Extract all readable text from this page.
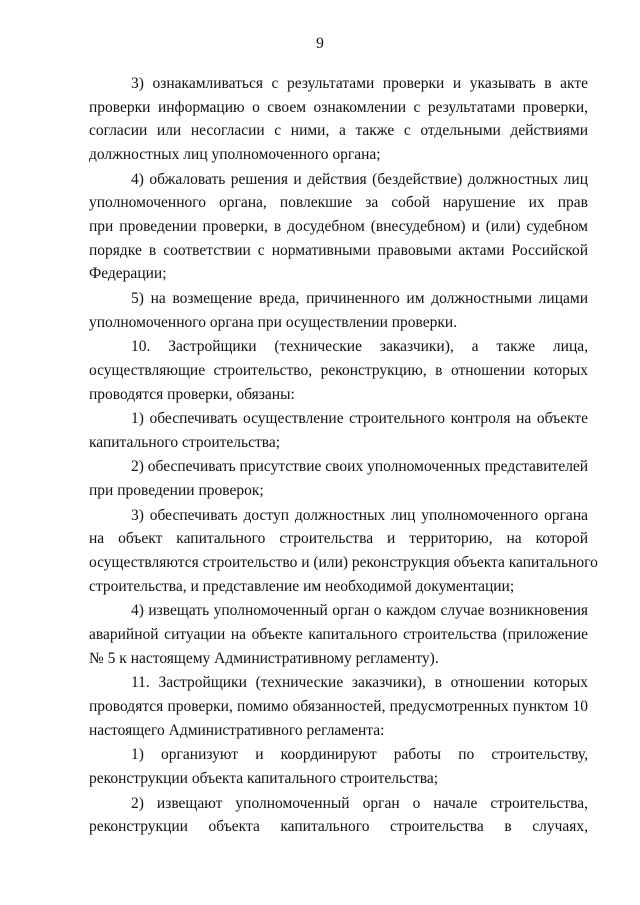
9
3) ознакамливаться с результатами проверки и указывать в акте
проверки информацию о своем ознакомлении с результатами проверки,
согласии или несогласии с ними, а также с отдельными действиями
должностных лиц уполномоченного органа;
4) обжаловать решения и действия (бездействие) должностных лиц
уполномоченного органа, повлекшие за собой нарушение их прав
при проведении проверки, в досудебном (внесудебном) и (или) судебном
порядке в соответствии с нормативными правовыми актами Российской
Федерации;
5) на возмещение вреда, причиненного им должностными лицами
уполномоченного органа при осуществлении проверки.
10. Застройщики (технические заказчики), а также лица,
осуществляющие строительство, реконструкцию, в отношении которых
проводятся проверки, обязаны:
1) обеспечивать осуществление строительного контроля на объекте
капитального строительства;
2) обеспечивать присутствие своих уполномоченных представителей
при проведении проверок;
3) обеспечивать доступ должностных лиц уполномоченного органа
на объект капитального строительства и территорию, на которой
осуществляются строительство и (или) реконструкция объекта капитального
строительства, и представление им необходимой документации;
4) извещать уполномоченный орган о каждом случае возникновения
аварийной ситуации на объекте капитального строительства (приложение
№ 5 к настоящему Административному регламенту).
11. Застройщики (технические заказчики), в отношении которых
проводятся проверки, помимо обязанностей, предусмотренных пунктом 10
настоящего Административного регламента:
1) организуют и координируют работы по строительству,
реконструкции объекта капитального строительства;
2) извещают уполномоченный орган о начале строительства,
реконструкции объекта капитального строительства в случаях,
